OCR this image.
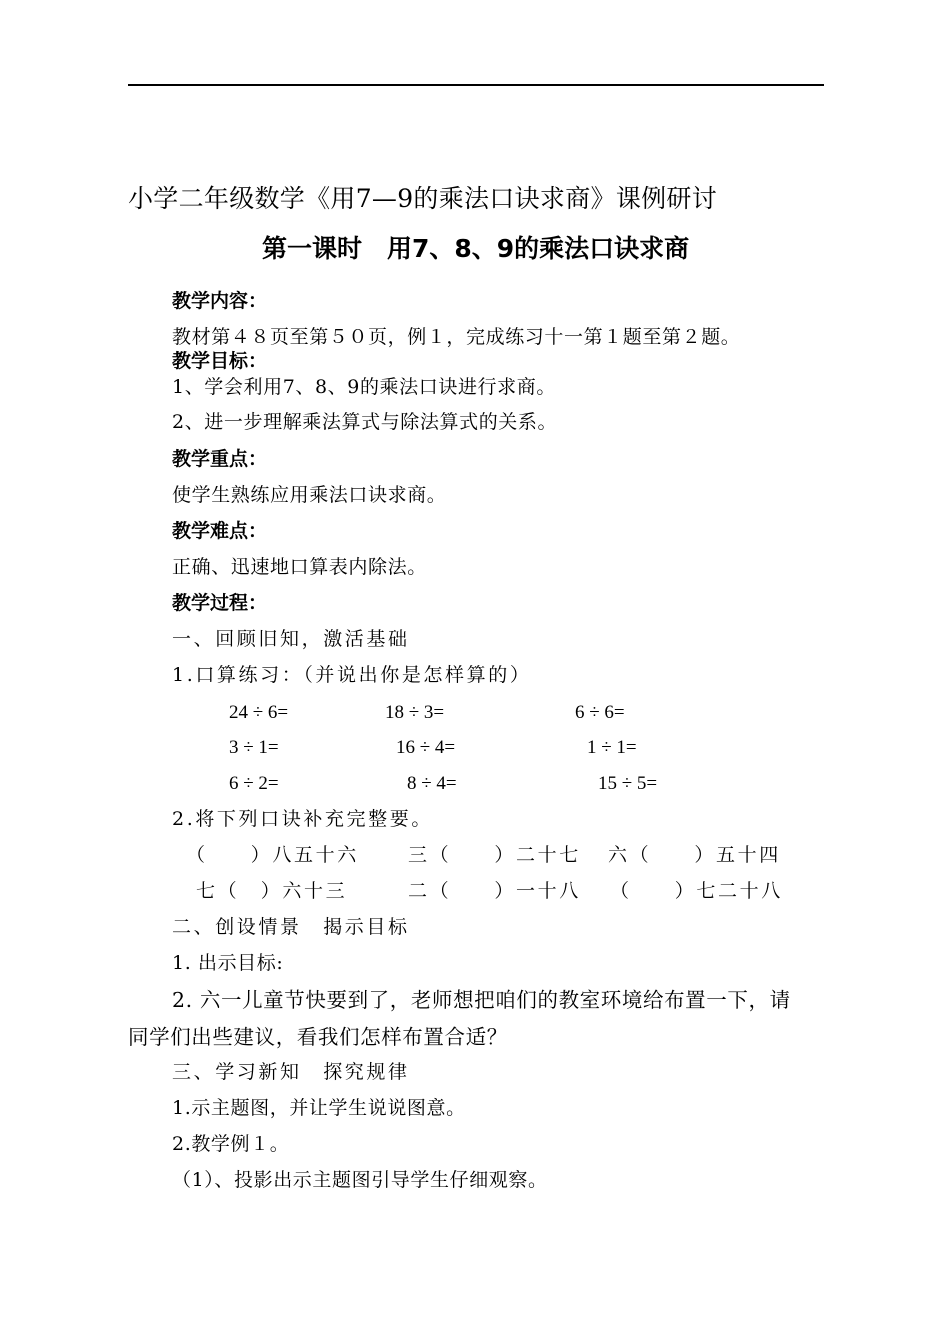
小学二年级数学《用7—9的乘法口诀求商》课例研讨
第一课时　用7、8、9的乘法口诀求商
教学内容：
教材第４８页至第５０页，例１，完成练习十一第１题至第２题。
教学目标：
1、学会利用7、8、9的乘法口诀进行求商。
2、进一步理解乘法算式与除法算式的关系。
教学重点：
使学生熟练应用乘法口诀求商。
教学难点：
正确、迅速地口算表内除法。
教学过程：
一、回顾旧知，激活基础
1.口算练习：（并说出你是怎样算的）
24 ÷ 6=	18 ÷ 3=	6 ÷ 6=
3 ÷ 1=	16 ÷ 4=	1 ÷ 1=
6 ÷ 2=	8 ÷ 4=	15 ÷ 5=
2.将下列口诀补充完整要。
（　　）八五十六	三（　　）二十七 六（　　）五十四
七（　）六十三	二（　　）一十八 （　　）七二十八
二、创设情景　揭示目标
1. 出示目标:
2. 六一儿童节快要到了，老师想把咱们的教室环境给布置一下，请
同学们出些建议，看我们怎样布置合适？
三、学习新知　探究规律
1.示主题图，并让学生说说图意。
2.教学例１。
（1）、投影出示主题图引导学生仔细观察。
